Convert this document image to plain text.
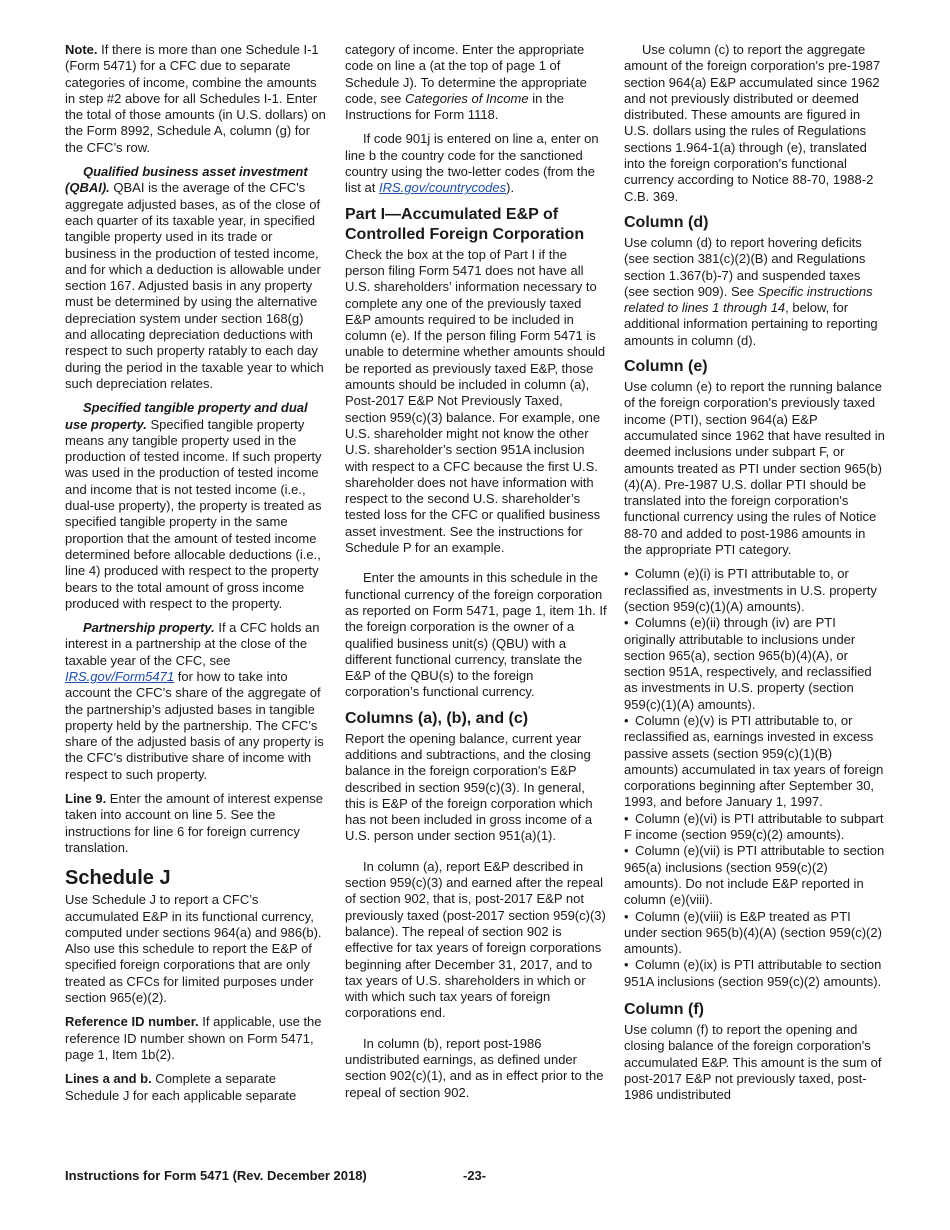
Note. If there is more than one Schedule I-1 (Form 5471) for a CFC due to separate categories of income, combine the amounts in step #2 above for all Schedules I-1. Enter the total of those amounts (in U.S. dollars) on the Form 8992, Schedule A, column (g) for the CFC’s row.

Qualified business asset investment (QBAI). QBAI is the average of the CFC's aggregate adjusted bases, as of the close of each quarter of its taxable year, in specified tangible property used in its trade or business in the production of tested income, and for which a deduction is allowable under section 167. Adjusted basis in any property must be determined by using the alternative depreciation system under section 168(g) and allocating depreciation deductions with respect to such property ratably to each day during the period in the taxable year to which such depreciation relates.

Specified tangible property and dual use property. Specified tangible property means any tangible property used in the production of tested income. If such property was used in the production of tested income and income that is not tested income (i.e., dual-use property), the property is treated as specified tangible property in the same proportion that the amount of tested income determined before allocable deductions (i.e., line 4) produced with respect to the property bears to the total amount of gross income produced with respect to the property.

Partnership property. If a CFC holds an interest in a partnership at the close of the taxable year of the CFC, see IRS.gov/Form5471 for how to take into account the CFC’s share of the aggregate of the partnership’s adjusted bases in tangible property held by the partnership. The CFC’s share of the adjusted basis of any property is the CFC’s distributive share of income with respect to such property.

Line 9. Enter the amount of interest expense taken into account on line 5. See the instructions for line 6 for foreign currency translation.

Schedule J

Use Schedule J to report a CFC’s accumulated E&P in its functional currency, computed under sections 964(a) and 986(b). Also use this schedule to report the E&P of specified foreign corporations that are only treated as CFCs for limited purposes under section 965(e)(2).

Reference ID number. If applicable, use the reference ID number shown on Form 5471, page 1, Item 1b(2).

Lines a and b. Complete a separate Schedule J for each applicable separate

category of income. Enter the appropriate code on line a (at the top of page 1 of Schedule J). To determine the appropriate code, see Categories of Income in the Instructions for Form 1118.

If code 901j is entered on line a, enter on line b the country code for the sanctioned country using the two-letter codes (from the list at IRS.gov/countrycodes).

Part I—Accumulated E&P of Controlled Foreign Corporation

Check the box at the top of Part I if the person filing Form 5471 does not have all U.S. shareholders’ information necessary to complete any one of the previously taxed E&P amounts required to be included in column (e). If the person filing Form 5471 is unable to determine whether amounts should be reported as previously taxed E&P, those amounts should be included in column (a), Post-2017 E&P Not Previously Taxed, section 959(c)(3) balance. For example, one U.S. shareholder might not know the other U.S. shareholder’s section 951A inclusion with respect to a CFC because the first U.S. shareholder does not have information with respect to the second U.S. shareholder’s tested loss for the CFC or qualified business asset investment. See the instructions for Schedule P for an example.

Enter the amounts in this schedule in the functional currency of the foreign corporation as reported on Form 5471, page 1, item 1h. If the foreign corporation is the owner of a qualified business unit(s) (QBU) with a different functional currency, translate the E&P of the QBU(s) to the foreign corporation’s functional currency.

Columns (a), (b), and (c)

Report the opening balance, current year additions and subtractions, and the closing balance in the foreign corporation's E&P described in section 959(c)(3). In general, this is E&P of the foreign corporation which has not been included in gross income of a U.S. person under section 951(a)(1).

In column (a), report E&P described in section 959(c)(3) and earned after the repeal of section 902, that is, post-2017 E&P not previously taxed (post-2017 section 959(c)(3) balance). The repeal of section 902 is effective for tax years of foreign corporations beginning after December 31, 2017, and to tax years of U.S. shareholders in which or with which such tax years of foreign corporations end.

In column (b), report post-1986 undistributed earnings, as defined under section 902(c)(1), and as in effect prior to the repeal of section 902.

Use column (c) to report the aggregate amount of the foreign corporation's pre-1987 section 964(a) E&P accumulated since 1962 and not previously distributed or deemed distributed. These amounts are figured in U.S. dollars using the rules of Regulations sections 1.964-1(a) through (e), translated into the foreign corporation's functional currency according to Notice 88-70, 1988-2 C.B. 369.

Column (d)

Use column (d) to report hovering deficits (see section 381(c)(2)(B) and Regulations section 1.367(b)-7) and suspended taxes (see section 909). See Specific instructions related to lines 1 through 14, below, for additional information pertaining to reporting amounts in column (d).

Column (e)

Use column (e) to report the running balance of the foreign corporation's previously taxed income (PTI), section 964(a) E&P accumulated since 1962 that have resulted in deemed inclusions under subpart F, or amounts treated as PTI under section 965(b)(4)(A). Pre-1987 U.S. dollar PTI should be translated into the foreign corporation's functional currency using the rules of Notice 88-70 and added to post-1986 amounts in the appropriate PTI category.

• Column (e)(i) is PTI attributable to, or reclassified as, investments in U.S. property (section 959(c)(1)(A) amounts).
• Columns (e)(ii) through (iv) are PTI originally attributable to inclusions under section 965(a), section 965(b)(4)(A), or section 951A, respectively, and reclassified as investments in U.S. property (section 959(c)(1)(A) amounts).
• Column (e)(v) is PTI attributable to, or reclassified as, earnings invested in excess passive assets (section 959(c)(1)(B) amounts) accumulated in tax years of foreign corporations beginning after September 30, 1993, and before January 1, 1997.
• Column (e)(vi) is PTI attributable to subpart F income (section 959(c)(2) amounts).
• Column (e)(vii) is PTI attributable to section 965(a) inclusions (section 959(c)(2) amounts). Do not include E&P reported in column (e)(viii).
• Column (e)(viii) is E&P treated as PTI under section 965(b)(4)(A) (section 959(c)(2) amounts).
• Column (e)(ix) is PTI attributable to section 951A inclusions (section 959(c)(2) amounts).
Column (f)

Use column (f) to report the opening and closing balance of the foreign corporation's accumulated E&P. This amount is the sum of post-2017 E&P not previously taxed, post-1986 undistributed

Instructions for Form 5471 (Rev. December 2018)	-23-
